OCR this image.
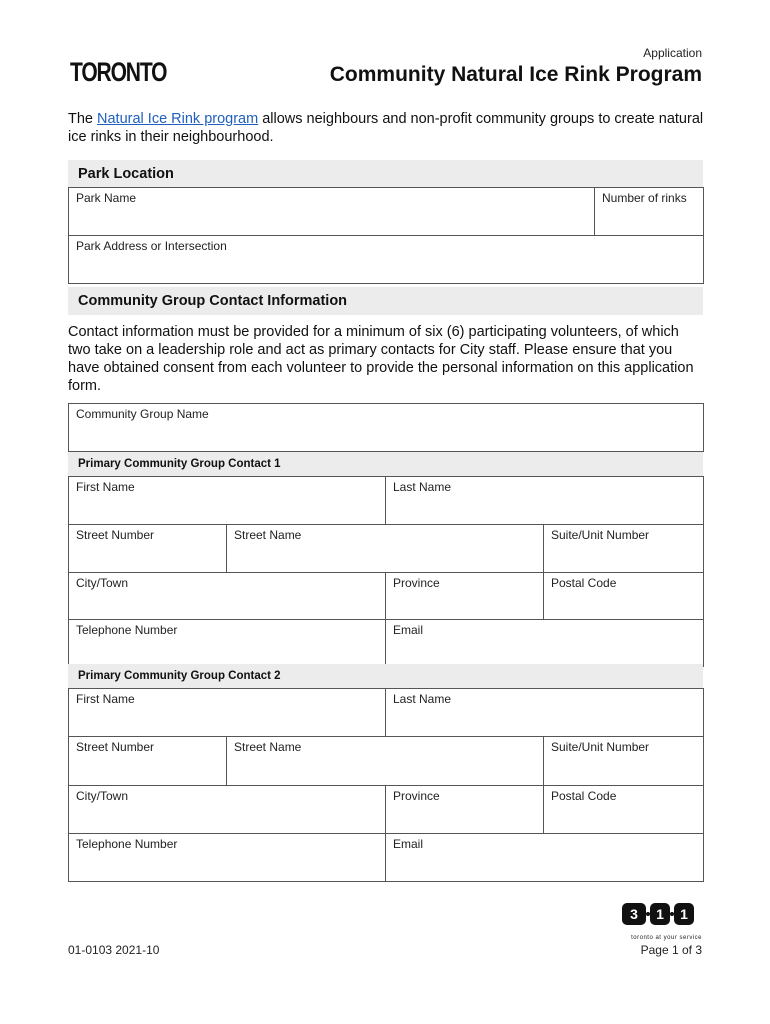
TORONTO
Application
Community Natural Ice Rink Program
The Natural Ice Rink program allows neighbours and non-profit community groups to create natural ice rinks in their neighbourhood.
Park Location
Park Name	Number of rinks
Park Address or Intersection
Community Group Contact Information
Contact information must be provided for a minimum of six (6) participating volunteers, of which two take on a leadership role and act as primary contacts for City staff. Please ensure that you have obtained consent from each volunteer to provide the personal information on this application form.
Community Group Name
Primary Community Group Contact 1
First Name	Last Name
Street Number	Street Name	Suite/Unit Number
City/Town	Province	Postal Code
Telephone Number	Email
Primary Community Group Contact 2
First Name	Last Name
Street Number	Street Name	Suite/Unit Number
City/Town	Province	Postal Code
Telephone Number	Email
3 1 1
toronto at your service
01-0103 2021-10	Page 1 of 3
